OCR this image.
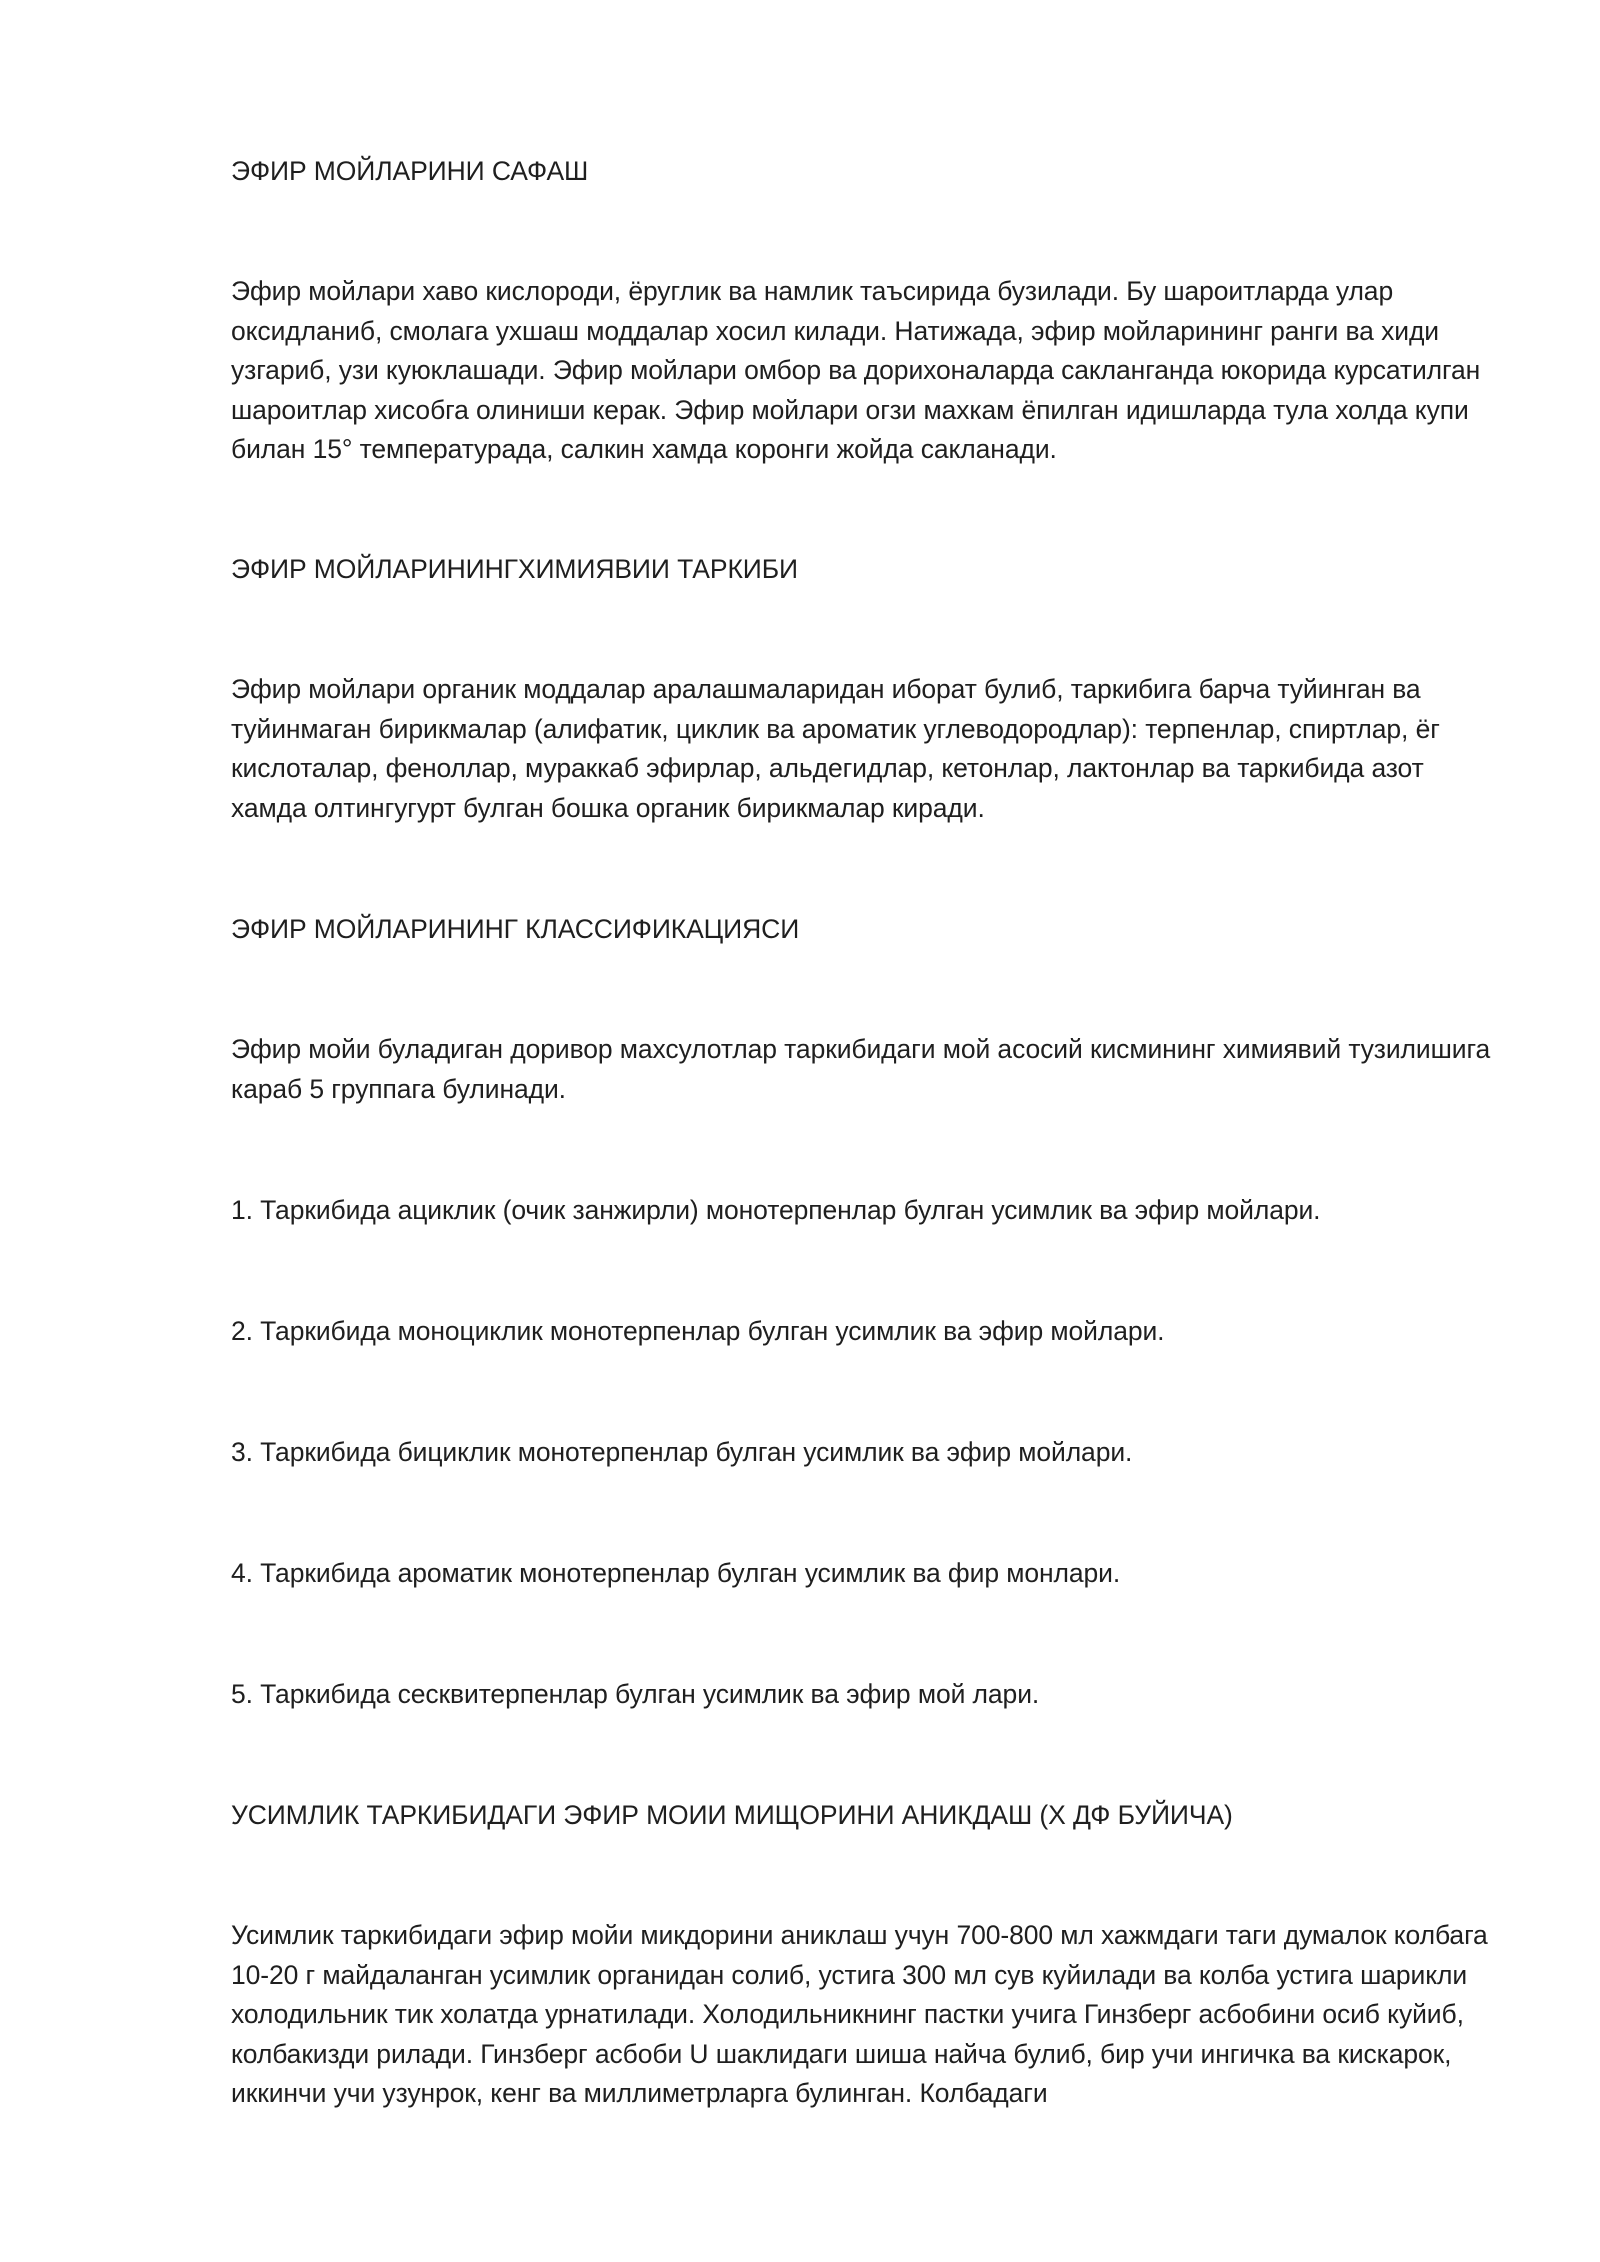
ЭФИР МОЙЛАРИНИ САФАШ

Эфир мойлари хаво кислороди, ёруглик ва намлик таъсирида бузилади. Бу шароитларда улар оксидланиб, смолага ухшаш моддалар хосил килади. Натижада, эфир мойларининг ранги ва хиди узгариб, узи куюклашади. Эфир мойлари омбор ва дорихоналарда сакланганда юкорида курсатилган шароитлар хисобга олиниши керак. Эфир мойлари огзи махкам ёпилган идишларда тула холда купи билан 15° температурада, салкин хамда коронги жойда сакланади.

ЭФИР МОЙЛАРИНИНГХИМИЯВИИ ТАРКИБИ

Эфир мойлари органик моддалар аралашмаларидан иборат булиб, таркибига барча туйинган ва туйинмаган бирикмалар (алифатик, циклик ва ароматик углеводородлар): терпенлар, спиртлар, ёг кислоталар, феноллар, мураккаб эфирлар, альдегидлар, кетонлар, лактонлар ва таркибида азот хамда олтингугурт булган бошка органик бирикмалар киради.

ЭФИР МОЙЛАРИНИНГ КЛАССИФИКАЦИЯСИ

Эфир мойи буладиган доривор махсулотлар таркибидаги мой асосий кисмининг химиявий тузилишига караб 5 группага булинади.

1. Таркибида ациклик (очик занжирли) монотерпенлар булган усимлик ва эфир мойлари.

2. Таркибида моноциклик монотерпенлар булган усимлик ва эфир мойлари.

3. Таркибида бициклик монотерпенлар булган усимлик ва эфир мойлари.

4. Таркибида ароматик монотерпенлар булган усимлик ва фир монлари.

5. Таркибида сесквитерпенлар булган усимлик ва эфир мой лари.

УСИМЛИК ТАРКИБИДАГИ ЭФИР МОИИ МИЩОРИНИ АНИКДАШ (Х ДФ БУЙИЧА)

Усимлик таркибидаги эфир мойи микдорини аниклаш учун 700-800 мл хажмдаги таги думалок колбага 10-20 г майдаланган усимлик органидан солиб, устига 300 мл сув куйилади ва колба устига шарикли холодильник тик холатда урнатилади. Холодильникнинг пастки учига Гинзберг асбобини осиб куйиб, колбакизди рилади. Гинзберг асбоби U шаклидаги шиша найча булиб, бир учи ингичка ва кискарок, иккинчи учи узунрок, кенг ва миллиметрларга булинган. Колбадаги
